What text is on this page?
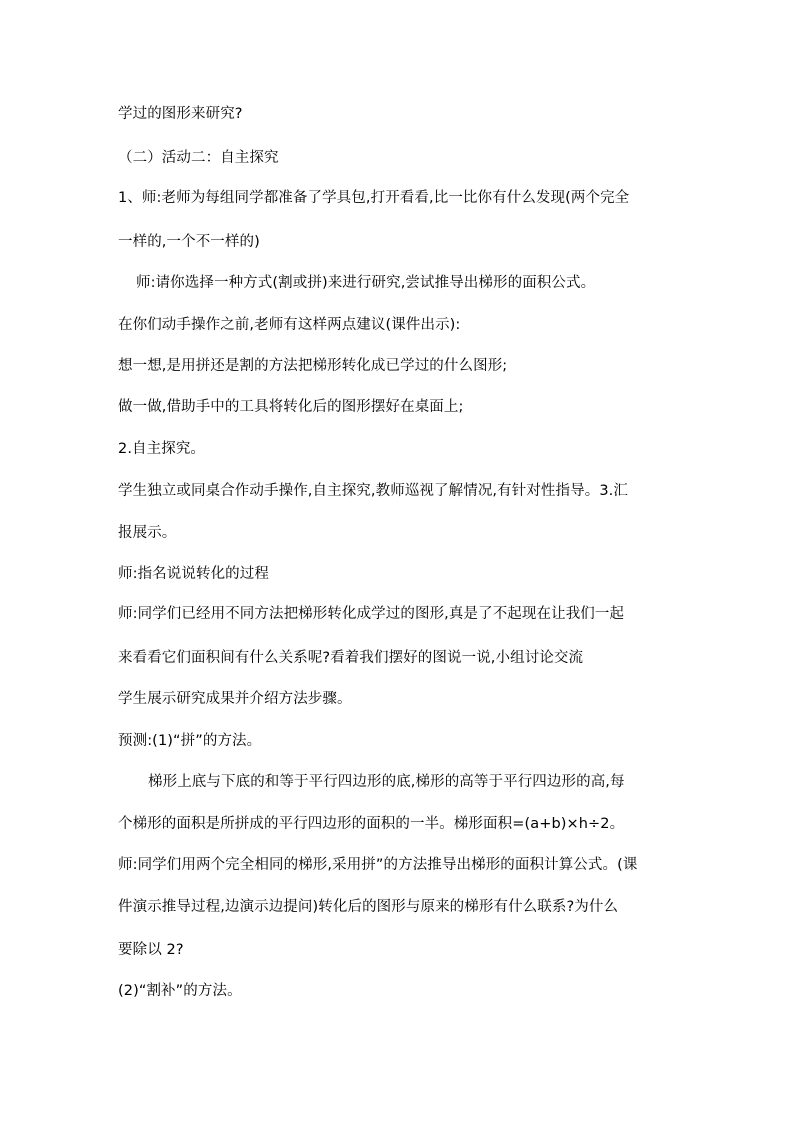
学过的图形来研究?
（二）活动二：自主探究
1、师:老师为每组同学都准备了学具包,打开看看,比一比你有什么发现(两个完全
一样的,一个不一样的)
师:请你选择一种方式(割或拼)来进行研究,尝试推导出梯形的面积公式。
在你们动手操作之前,老师有这样两点建议(课件出示):
想一想,是用拼还是割的方法把梯形转化成已学过的什么图形;
做一做,借助手中的工具将转化后的图形摆好在桌面上;
2.自主探究。
学生独立或同桌合作动手操作,自主探究,教师巡视了解情况,有针对性指导。3.汇
报展示。
师:指名说说转化的过程
师:同学们已经用不同方法把梯形转化成学过的图形,真是了不起现在让我们一起
来看看它们面积间有什么关系呢?看着我们摆好的图说一说,小组讨论交流
学生展示研究成果并介绍方法步骤。
预测:(1)“拼”的方法。
梯形上底与下底的和等于平行四边形的底,梯形的高等于平行四边形的高,每
个梯形的面积是所拼成的平行四边形的面积的一半。梯形面积=(a+b)×h÷2。
师:同学们用两个完全相同的梯形,采用拼”的方法推导出梯形的面积计算公式。(课
件演示推导过程,边演示边提问)转化后的图形与原来的梯形有什么联系?为什么
要除以 2?
(2)“割补”的方法。
